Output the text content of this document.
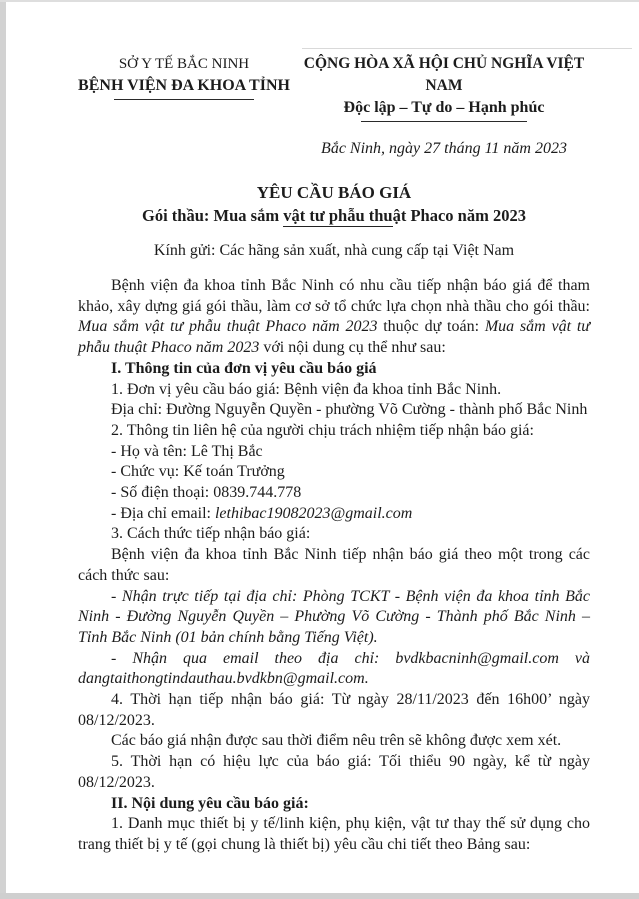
SỞ Y TẾ BẮC NINH
BỆNH VIỆN ĐA KHOA TỈNH
CỘNG HÒA XÃ HỘI CHỦ NGHĨA VIỆT NAM
Độc lập – Tự do – Hạnh phúc
Bắc Ninh, ngày 27 tháng 11 năm 2023
YÊU CẦU BÁO GIÁ
Gói thầu: Mua sắm vật tư phẫu thuật Phaco năm 2023
Kính gửi: Các hãng sản xuất, nhà cung cấp tại Việt Nam

Bệnh viện đa khoa tỉnh Bắc Ninh có nhu cầu tiếp nhận báo giá để tham khảo, xây dựng giá gói thầu, làm cơ sở tổ chức lựa chọn nhà thầu cho gói thầu: Mua sắm vật tư phẫu thuật Phaco năm 2023 thuộc dự toán: Mua sắm vật tư phẫu thuật Phaco năm 2023 với nội dung cụ thể như sau:

I. Thông tin của đơn vị yêu cầu báo giá

1. Đơn vị yêu cầu báo giá: Bệnh viện đa khoa tỉnh Bắc Ninh.

Địa chỉ: Đường Nguyễn Quyền - phường Võ Cường - thành phố Bắc Ninh

2. Thông tin liên hệ của người chịu trách nhiệm tiếp nhận báo giá:

- Họ và tên: Lê Thị Bắc

- Chức vụ: Kế toán Trưởng

- Số điện thoại: 0839.744.778

- Địa chỉ email: lethibac19082023@gmail.com

3. Cách thức tiếp nhận báo giá:

Bệnh viện đa khoa tỉnh Bắc Ninh tiếp nhận báo giá theo một trong các cách thức sau:

- Nhận trực tiếp tại địa chỉ: Phòng TCKT - Bệnh viện đa khoa tỉnh Bắc Ninh - Đường Nguyễn Quyền – Phường Võ Cường - Thành phố Bắc Ninh – Tỉnh Bắc Ninh (01 bản chính bằng Tiếng Việt).

- Nhận qua email theo địa chỉ: bvdkbacninh@gmail.com và dangtaithongtindauthau.bvdkbn@gmail.com.

4. Thời hạn tiếp nhận báo giá: Từ ngày 28/11/2023 đến 16h00’ ngày 08/12/2023.

Các báo giá nhận được sau thời điểm nêu trên sẽ không được xem xét.

5. Thời hạn có hiệu lực của báo giá: Tối thiểu 90 ngày, kể từ ngày 08/12/2023.

II. Nội dung yêu cầu báo giá:

1. Danh mục thiết bị y tế/linh kiện, phụ kiện, vật tư thay thế sử dụng cho trang thiết bị y tế (gọi chung là thiết bị) yêu cầu chi tiết theo Bảng sau:
